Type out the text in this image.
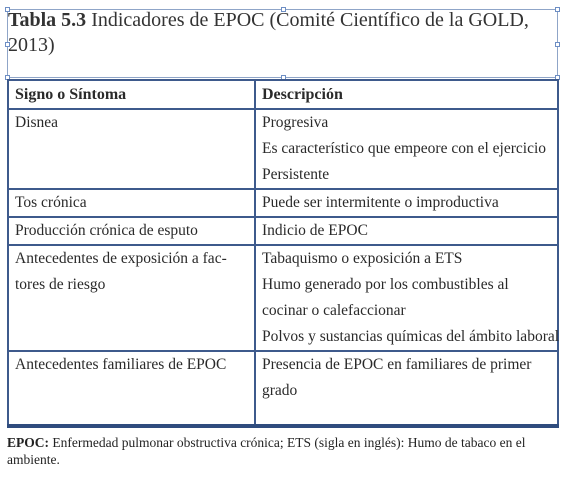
Tabla 5.3 Indicadores de EPOC (Comité Científico de la GOLD, 2013)

Signo o Síntoma	Descripción

Disnea	Progresiva
Es característico que empeore con el ejercicio
Persistente

Tos crónica	Puede ser intermitente o improductiva

Producción crónica de esputo	Indicio de EPOC

Antecedentes de exposición a fac-
tores de riesgo	Tabaquismo o exposición a ETS
Humo generado por los combustibles al
cocinar o calefaccionar
Polvos y sustancias químicas del ámbito laboral

Antecedentes familiares de EPOC	Presencia de EPOC en familiares de primer
grado

EPOC: Enfermedad pulmonar obstructiva crónica; ETS (sigla en inglés): Humo de tabaco en el ambiente.
